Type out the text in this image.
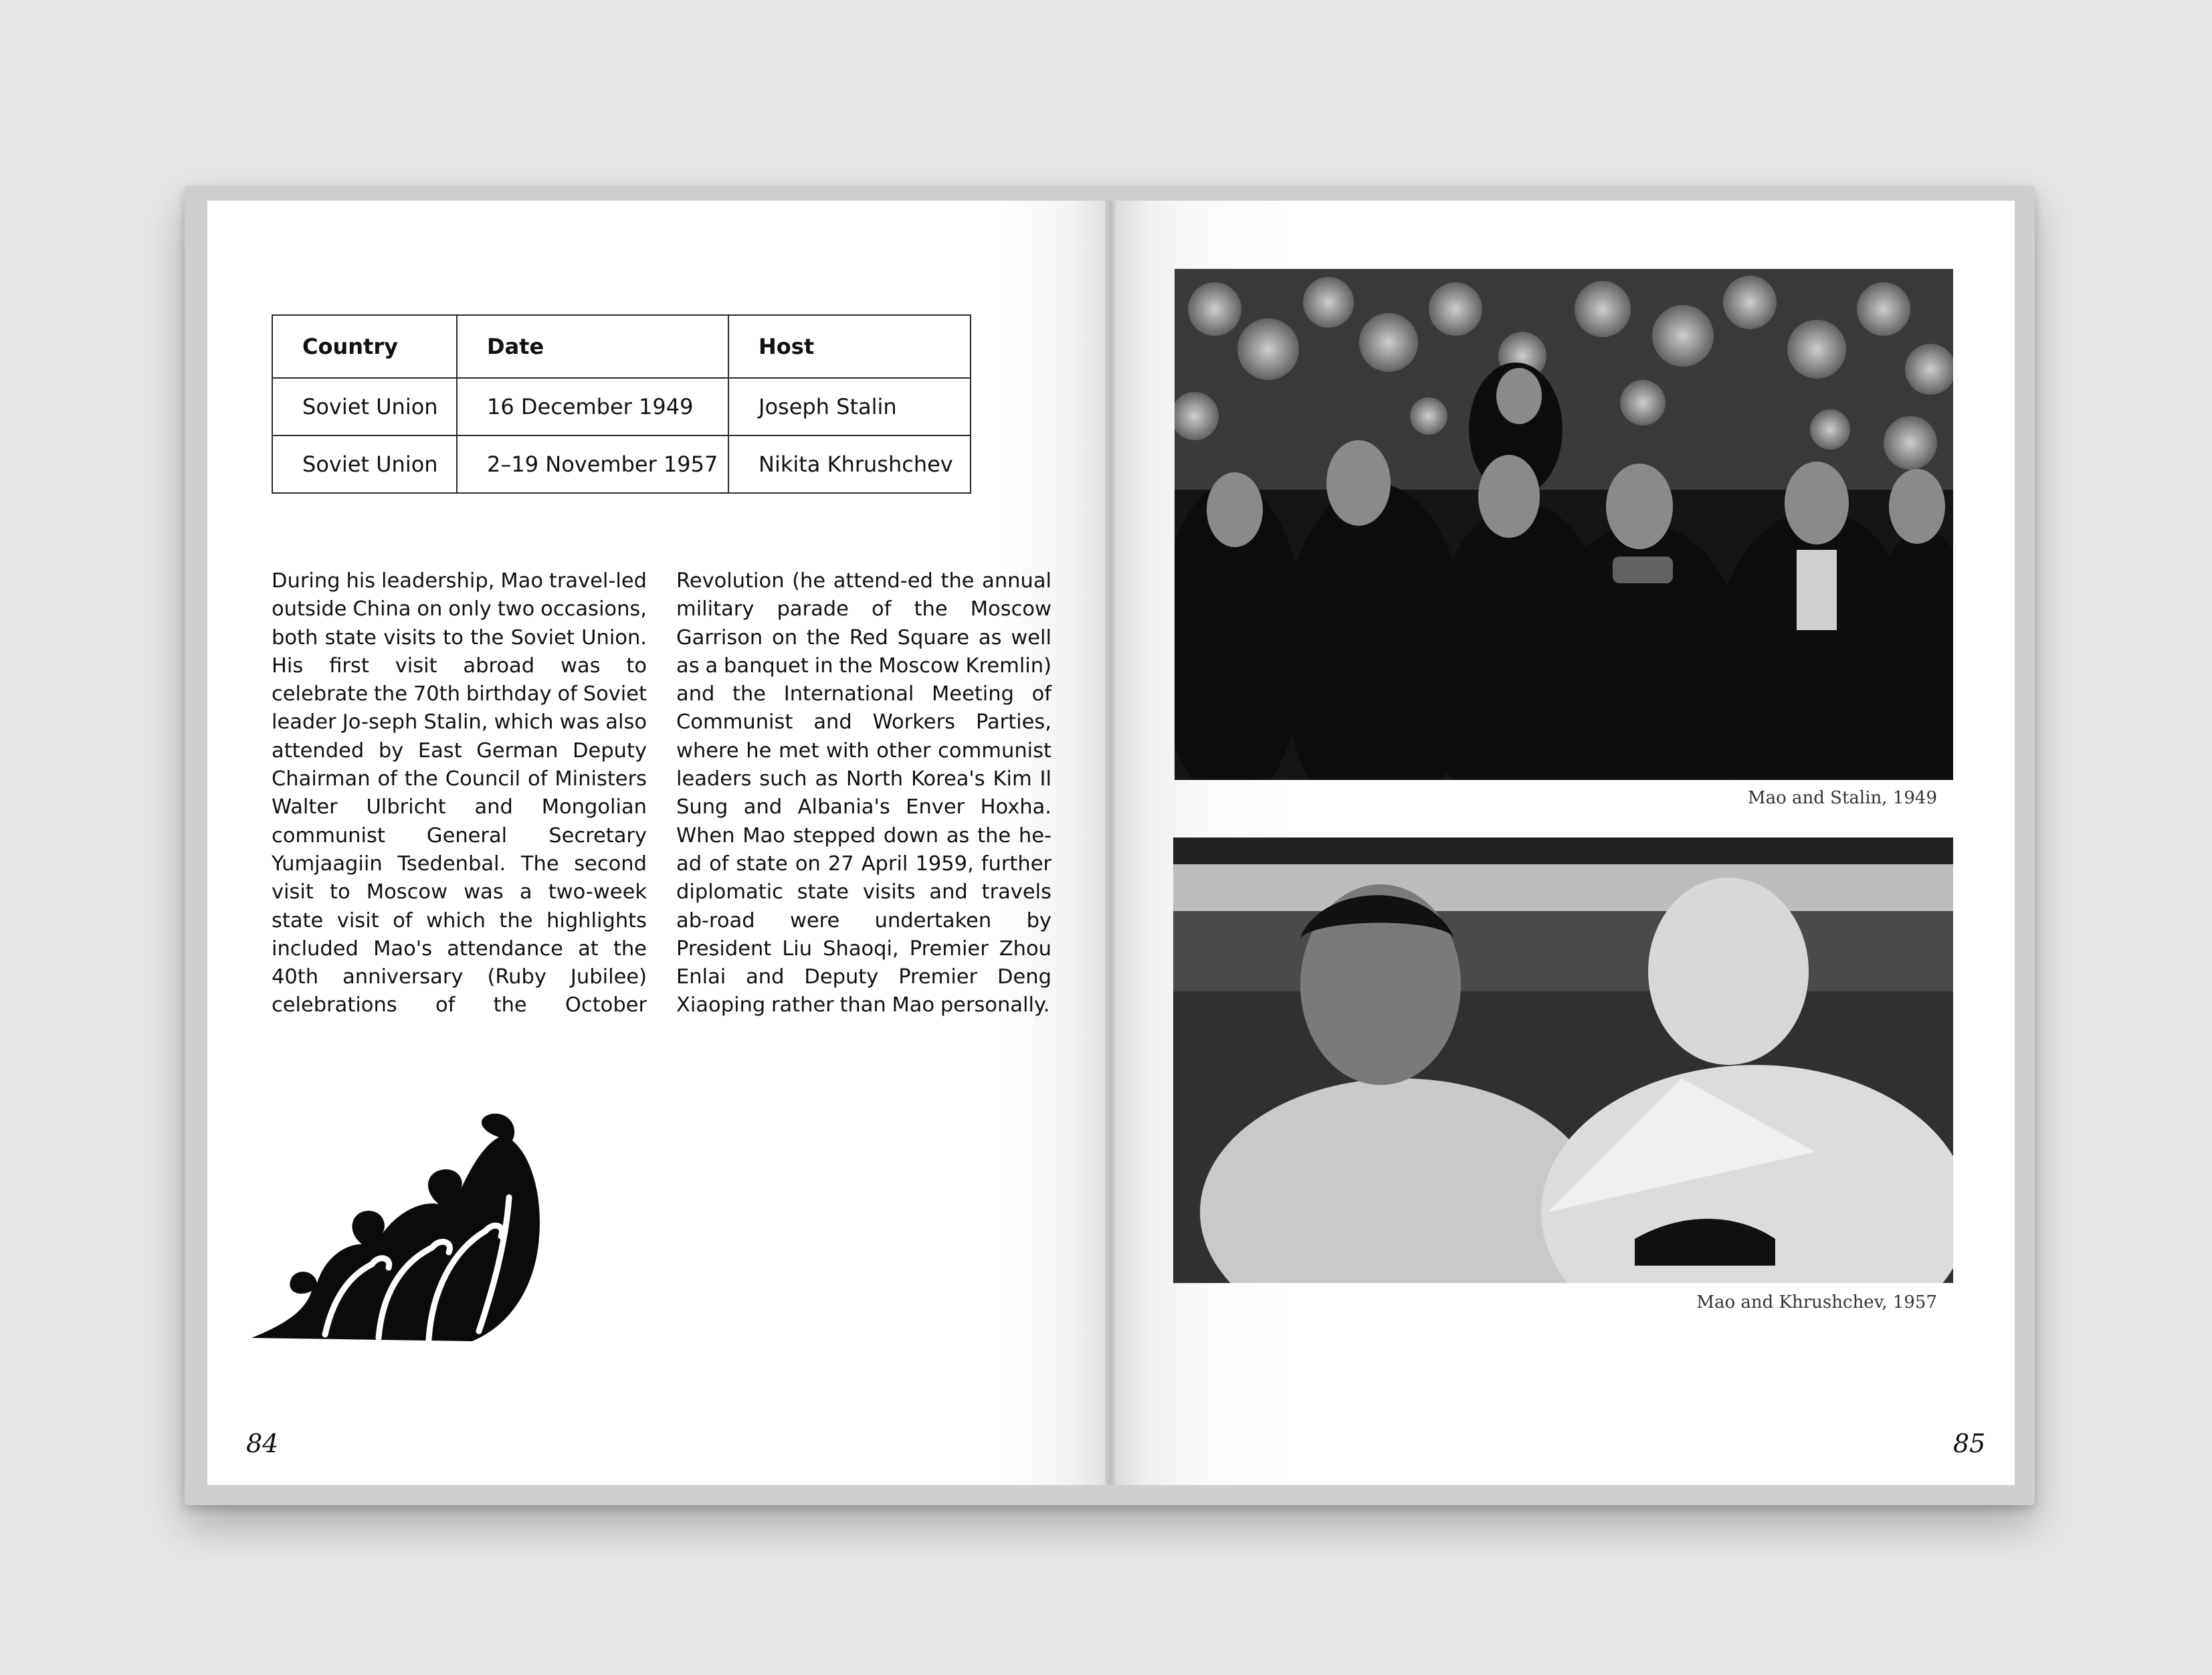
Country	Date	Host
Soviet Union	16 December 1949	Joseph Stalin
Soviet Union	2–19 November 1957	Nikita Khrushchev
During his leadership, Mao travel-led outside China on only two occasions, both state visits to the Soviet Union. His first visit abroad was to celebrate the 70th birthday of Soviet leader Jo-seph Stalin, which was also attended by East German Deputy Chairman of the Council of Ministers Walter Ulbricht and Mongolian communist General Secretary Yumjaagiin Tsedenbal. The second visit to Moscow was a two-week state visit of which the highlights included Mao's attendance at the 40th anniversary (Ruby Jubilee) celebrations of the October Revolution (he attend-ed the annual military parade of the Moscow Garrison on the Red Square as well as a banquet in the Moscow Kremlin) and the International Meeting of Communist and Workers Parties, where he met with other communist leaders such as North Korea's Kim Il Sung and Albania's Enver Hoxha. When Mao stepped down as the he-ad of state on 27 April 1959, further diplomatic state visits and travels ab-road were undertaken by President Liu Shaoqi, Premier Zhou Enlai and Deputy Premier Deng Xiaoping rather than Mao personally.
84	85
Mao and Stalin, 1949
Mao and Khrushchev, 1957
